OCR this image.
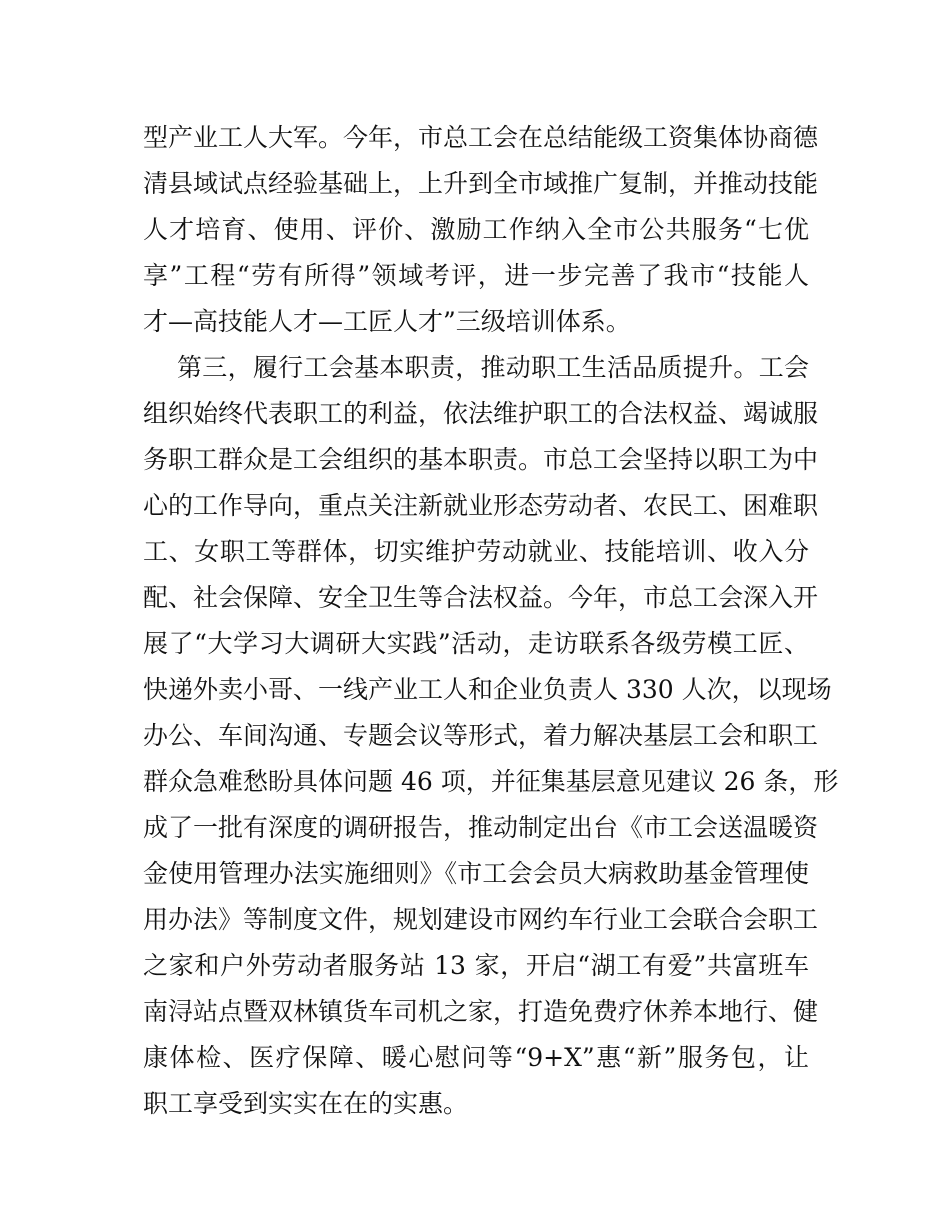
型产业工人大军。今年，市总工会在总结能级工资集体协商德
清县域试点经验基础上，上升到全市域推广复制，并推动技能
人才培育、使用、评价、激励工作纳入全市公共服务“七优
享”工程“劳有所得”领域考评，进一步完善了我市“技能人
才—高技能人才—工匠人才”三级培训体系。
第三，履行工会基本职责，推动职工生活品质提升。工会
组织始终代表职工的利益，依法维护职工的合法权益、竭诚服
务职工群众是工会组织的基本职责。市总工会坚持以职工为中
心的工作导向，重点关注新就业形态劳动者、农民工、困难职
工、女职工等群体，切实维护劳动就业、技能培训、收入分
配、社会保障、安全卫生等合法权益。今年，市总工会深入开
展了“大学习大调研大实践”活动，走访联系各级劳模工匠、
快递外卖小哥、一线产业工人和企业负责人 330 人次，以现场
办公、车间沟通、专题会议等形式，着力解决基层工会和职工
群众急难愁盼具体问题 46 项，并征集基层意见建议 26 条，形
成了一批有深度的调研报告，推动制定出台《市工会送温暖资
金使用管理办法实施细则》《市工会会员大病救助基金管理使
用办法》等制度文件，规划建设市网约车行业工会联合会职工
之家和户外劳动者服务站 13 家，开启“湖工有爱”共富班车
南浔站点暨双林镇货车司机之家，打造免费疗休养本地行、健
康体检、医疗保障、暖心慰问等“9+X”惠“新”服务包，让
职工享受到实实在在的实惠。
